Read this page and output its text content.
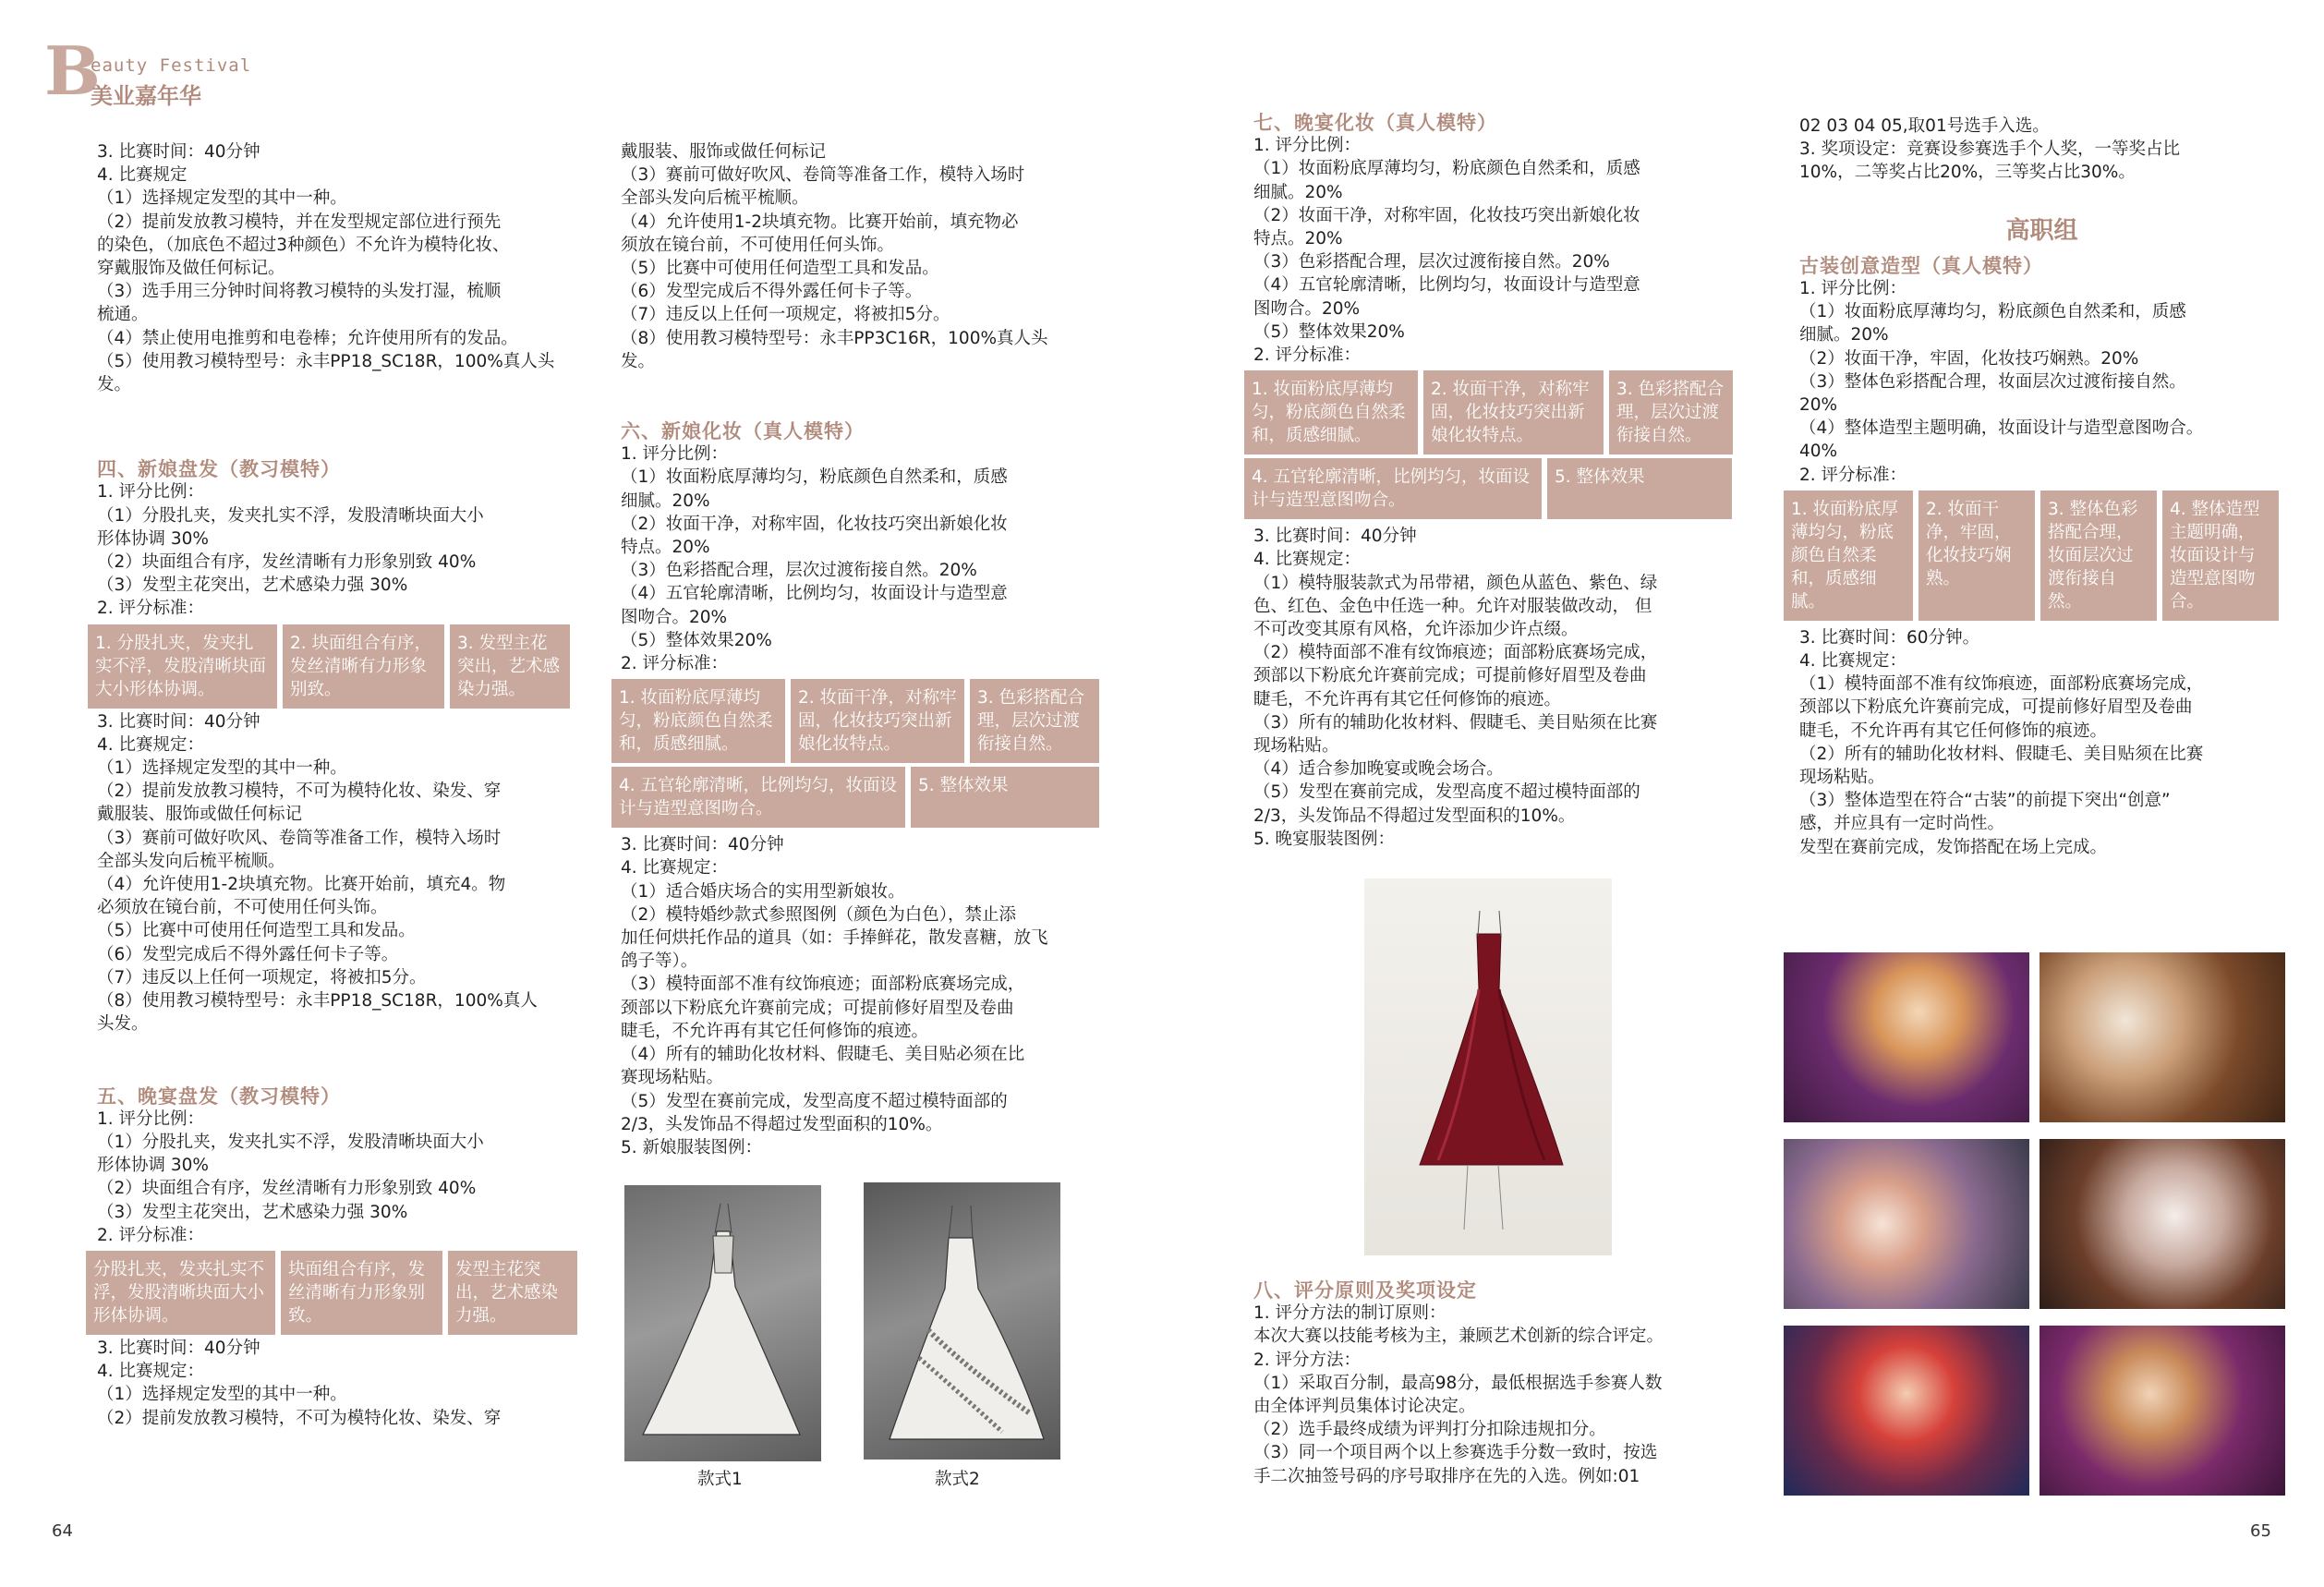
B
eauty Festival
美业嘉年华

3. 比赛时间：40分钟

4. 比赛规定

（1）选择规定发型的其中一种。

（2）提前发放教习模特，并在发型规定部位进行预先

的染色，（加底色不超过3种颜色）不允许为模特化妆、

穿戴服饰及做任何标记。

（3）选手用三分钟时间将教习模特的头发打湿，梳顺

梳通。

（4）禁止使用电推剪和电卷棒；允许使用所有的发品。

（5）使用教习模特型号：永丰PP18_SC18R，100%真人头

发。

四、新娘盘发（教习模特）

1. 评分比例：

（1）分股扎夹，发夹扎实不浮，发股清晰块面大小

形体协调 30%

（2）块面组合有序，发丝清晰有力形象别致 40%

（3）发型主花突出，艺术感染力强 30%

2. 评分标准：

1. 分股扎夹，发夹扎实不浮，发股清晰块面大小形体协调。
2. 块面组合有序，发丝清晰有力形象别致。
3. 发型主花突出，艺术感染力强。

3. 比赛时间：40分钟

4. 比赛规定：

（1）选择规定发型的其中一种。

（2）提前发放教习模特，不可为模特化妆、染发、穿

戴服装、服饰或做任何标记

（3）赛前可做好吹风、卷筒等准备工作，模特入场时

全部头发向后梳平梳顺。

（4）允许使用1-2块填充物。比赛开始前，填充4。物

必须放在镜台前，不可使用任何头饰。

（5）比赛中可使用任何造型工具和发品。

（6）发型完成后不得外露任何卡子等。

（7）违反以上任何一项规定，将被扣5分。

（8）使用教习模特型号：永丰PP18_SC18R，100%真人

头发。

五、晚宴盘发（教习模特）

1. 评分比例：

（1）分股扎夹，发夹扎实不浮，发股清晰块面大小

形体协调 30%

（2）块面组合有序，发丝清晰有力形象别致 40%

（3）发型主花突出，艺术感染力强 30%

2. 评分标准：

分股扎夹，发夹扎实不浮，发股清晰块面大小形体协调。
块面组合有序，发丝清晰有力形象别致。
发型主花突出，艺术感染力强。

3. 比赛时间：40分钟

4. 比赛规定：

（1）选择规定发型的其中一种。

（2）提前发放教习模特，不可为模特化妆、染发、穿

戴服装、服饰或做任何标记

（3）赛前可做好吹风、卷筒等准备工作，模特入场时

全部头发向后梳平梳顺。

（4）允许使用1-2块填充物。比赛开始前，填充物必

须放在镜台前，不可使用任何头饰。

（5）比赛中可使用任何造型工具和发品。

（6）发型完成后不得外露任何卡子等。

（7）违反以上任何一项规定，将被扣5分。

（8）使用教习模特型号：永丰PP3C16R，100%真人头

发。

六、新娘化妆（真人模特）

1. 评分比例：

（1）妆面粉底厚薄均匀，粉底颜色自然柔和，质感

细腻。20%

（2）妆面干净，对称牢固，化妆技巧突出新娘化妆

特点。20%

（3）色彩搭配合理，层次过渡衔接自然。20%

（4）五官轮廓清晰，比例均匀，妆面设计与造型意

图吻合。20%

（5）整体效果20%

2. 评分标准：

1. 妆面粉底厚薄均匀，粉底颜色自然柔和，质感细腻。
2. 妆面干净，对称牢固，化妆技巧突出新娘化妆特点。
3. 色彩搭配合理，层次过渡衔接自然。
4. 五官轮廓清晰，比例均匀，妆面设计与造型意图吻合。
5. 整体效果

3. 比赛时间：40分钟

4. 比赛规定：

（1）适合婚庆场合的实用型新娘妆。

（2）模特婚纱款式参照图例（颜色为白色），禁止添

加任何烘托作品的道具（如：手捧鲜花，散发喜糖，放飞

鸽子等）。

（3）模特面部不准有纹饰痕迹；面部粉底赛场完成，

颈部以下粉底允许赛前完成；可提前修好眉型及卷曲

睫毛，不允许再有其它任何修饰的痕迹。

（4）所有的辅助化妆材料、假睫毛、美目贴必须在比

赛现场粘贴。

（5）发型在赛前完成，发型高度不超过模特面部的

2/3，头发饰品不得超过发型面积的10%。

5. 新娘服装图例：

款式1	款式2

七、晚宴化妆（真人模特）

1. 评分比例：

（1）妆面粉底厚薄均匀，粉底颜色自然柔和，质感

细腻。20%

（2）妆面干净，对称牢固，化妆技巧突出新娘化妆

特点。20%

（3）色彩搭配合理，层次过渡衔接自然。20%

（4）五官轮廓清晰，比例均匀，妆面设计与造型意

图吻合。20%

（5）整体效果20%

2. 评分标准：

1. 妆面粉底厚薄均匀，粉底颜色自然柔和，质感细腻。
2. 妆面干净，对称牢固，化妆技巧突出新娘化妆特点。
3. 色彩搭配合理，层次过渡衔接自然。
4. 五官轮廓清晰，比例均匀，妆面设计与造型意图吻合。
5. 整体效果

3. 比赛时间：40分钟

4. 比赛规定：

（1）模特服装款式为吊带裙，颜色从蓝色、紫色、绿

色、红色、金色中任选一种。允许对服装做改动， 但

不可改变其原有风格，允许添加少许点缀。

（2）模特面部不准有纹饰痕迹；面部粉底赛场完成，

颈部以下粉底允许赛前完成；可提前修好眉型及卷曲

睫毛，不允许再有其它任何修饰的痕迹。

（3）所有的辅助化妆材料、假睫毛、美目贴须在比赛

现场粘贴。

（4）适合参加晚宴或晚会场合。

（5）发型在赛前完成，发型高度不超过模特面部的

2/3，头发饰品不得超过发型面积的10%。

5. 晚宴服装图例：

八、评分原则及奖项设定

1. 评分方法的制订原则：

本次大赛以技能考核为主，兼顾艺术创新的综合评定。

2. 评分方法：

（1）采取百分制，最高98分，最低根据选手参赛人数

由全体评判员集体讨论决定。

（2）选手最终成绩为评判打分扣除违规扣分。

（3）同一个项目两个以上参赛选手分数一致时，按选

手二次抽签号码的序号取排序在先的入选。例如:01

02 03 04 05,取01号选手入选。

3. 奖项设定：竞赛设参赛选手个人奖，一等奖占比

10%，二等奖占比20%，三等奖占比30%。

高职组

古装创意造型（真人模特）

1. 评分比例：

（1）妆面粉底厚薄均匀，粉底颜色自然柔和，质感

细腻。20%

（2）妆面干净，牢固，化妆技巧娴熟。20%

（3）整体色彩搭配合理，妆面层次过渡衔接自然。

20%

（4）整体造型主题明确，妆面设计与造型意图吻合。

40%

2. 评分标准：

1. 妆面粉底厚薄均匀，粉底颜色自然柔和，质感细腻。
2. 妆面干净，牢固，化妆技巧娴熟。
3. 整体色彩搭配合理，妆面层次过渡衔接自然。
4. 整体造型主题明确，妆面设计与造型意图吻合。

3. 比赛时间：60分钟。

4. 比赛规定：

（1）模特面部不准有纹饰痕迹，面部粉底赛场完成，

颈部以下粉底允许赛前完成，可提前修好眉型及卷曲

睫毛，不允许再有其它任何修饰的痕迹。

（2）所有的辅助化妆材料、假睫毛、美目贴须在比赛

现场粘贴。

（3）整体造型在符合“古装”的前提下突出“创意”

感，并应具有一定时尚性。

发型在赛前完成，发饰搭配在场上完成。

64	65
